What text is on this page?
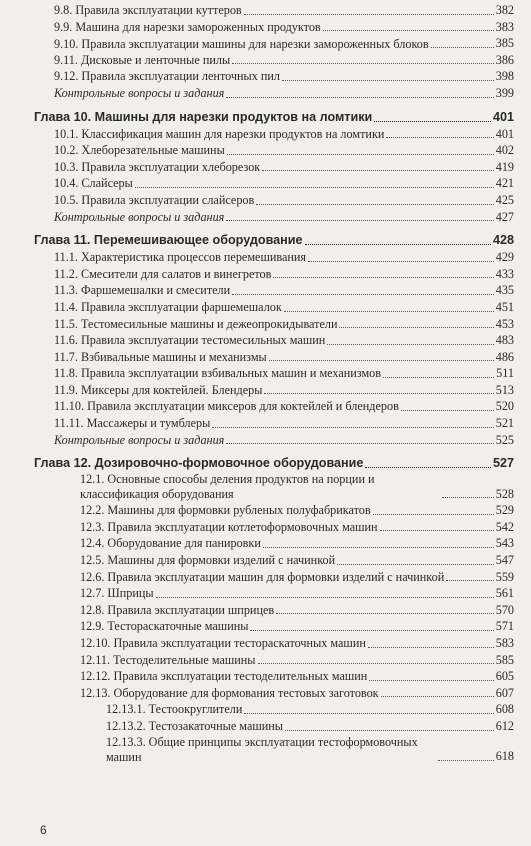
9.8. Правила эксплуатации куттеров	382
9.9. Машина для нарезки замороженных продуктов	383
9.10. Правила эксплуатации машины для нарезки замороженных блоков	385
9.11. Дисковые и ленточные пилы	386
9.12. Правила эксплуатации ленточных пил	398
Контрольные вопросы и задания	399
Глава 10. Машины для нарезки продуктов на ломтики	401
10.1. Классификация машин для нарезки продуктов на ломтики	401
10.2. Хлеборезательные машины	402
10.3. Правила эксплуатации хлеборезок	419
10.4. Слайсеры	421
10.5. Правила эксплуатации слайсеров	425
Контрольные вопросы и задания	427
Глава 11. Перемешивающее оборудование	428
11.1. Характеристика процессов перемешивания	429
11.2. Смесители для салатов и винегретов	433
11.3. Фаршемешалки и смесители	435
11.4. Правила эксплуатации фаршемешалок	451
11.5. Тестомесильные машины и дежеопрокидыватели	453
11.6. Правила эксплуатации тестомесильных машин	483
11.7. Взбивальные машины и механизмы	486
11.8. Правила эксплуатации взбивальных машин и механизмов	511
11.9. Миксеры для коктейлей. Блендеры	513
11.10. Правила эксплуатации миксеров для коктейлей и блендеров	520
11.11. Массажеры и тумблеры	521
Контрольные вопросы и задания	525
Глава 12. Дозировочно-формовочное оборудование	527
12.1. Основные способы деления продуктов на порции и классификация оборудования	528
12.2. Машины для формовки рубленых полуфабрикатов	529
12.3. Правила эксплуатации котлетоформовочных машин	542
12.4. Оборудование для панировки	543
12.5. Машины для формовки изделий с начинкой	547
12.6. Правила эксплуатации машин для формовки изделий с начинкой	559
12.7. Шприцы	561
12.8. Правила эксплуатации шприцев	570
12.9. Тестораскаточные машины	571
12.10. Правила эксплуатации тестораскаточных машин	583
12.11. Тестоделительные машины	585
12.12. Правила эксплуатации тестоделительных машин	605
12.13. Оборудование для формования тестовых заготовок	607
12.13.1. Тестоокруглители	608
12.13.2. Тестозакаточные машины	612
12.13.3. Общие принципы эксплуатации тестоформовочных машин	618
6
